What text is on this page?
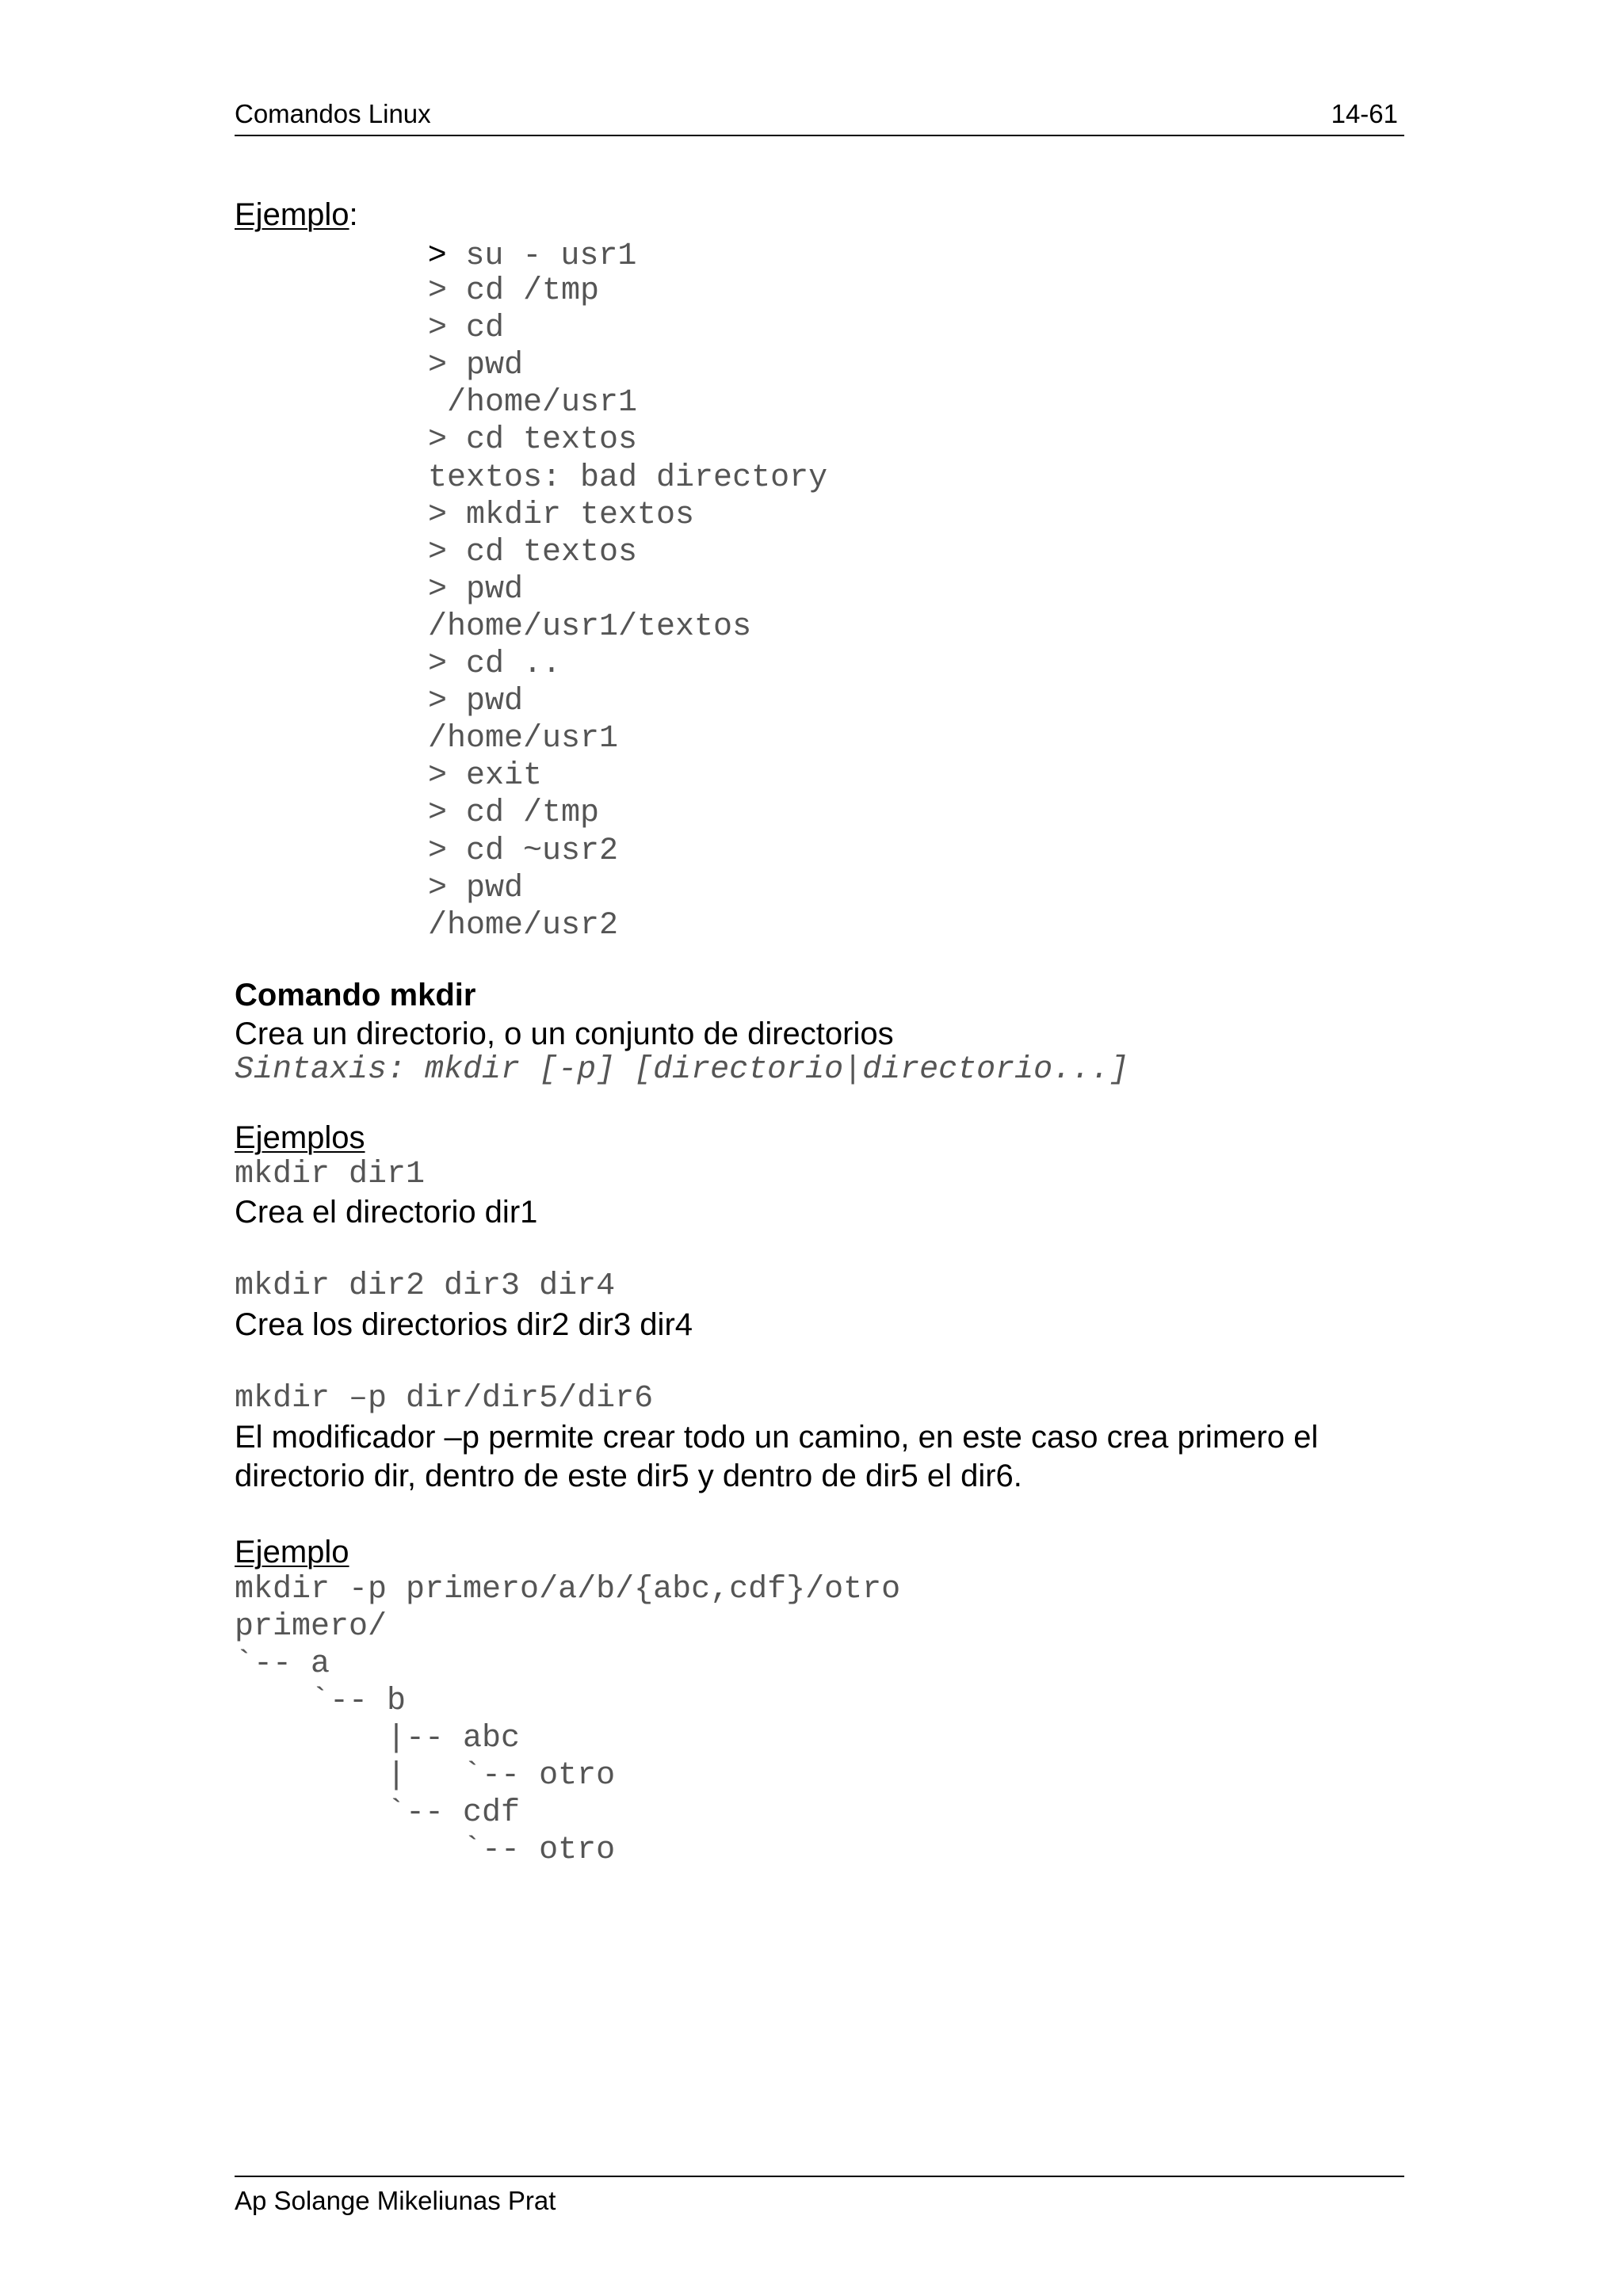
Comandos Linux	14-61
Ejemplo:
> su - usr1
> cd /tmp
> cd
> pwd
/home/usr1
> cd textos
textos: bad directory
> mkdir textos
> cd textos
> pwd
/home/usr1/textos
> cd ..
> pwd
/home/usr1
> exit
> cd /tmp
> cd ~usr2
> pwd
/home/usr2
Comando mkdir
Crea un directorio, o un conjunto de directorios
Sintaxis: mkdir [-p] [directorio|directorio...]
Ejemplos
mkdir dir1
Crea el directorio dir1
mkdir dir2 dir3 dir4
Crea los directorios dir2 dir3 dir4
mkdir –p dir/dir5/dir6
El modificador –p permite crear todo un camino, en este caso crea primero el
directorio dir, dentro de este dir5 y dentro de dir5 el dir6.
Ejemplo
mkdir -p primero/a/b/{abc,cdf}/otro
primero/
`-- a
`-- b
|-- abc
|   `-- otro
`-- cdf
`-- otro
Ap Solange Mikeliunas Prat
